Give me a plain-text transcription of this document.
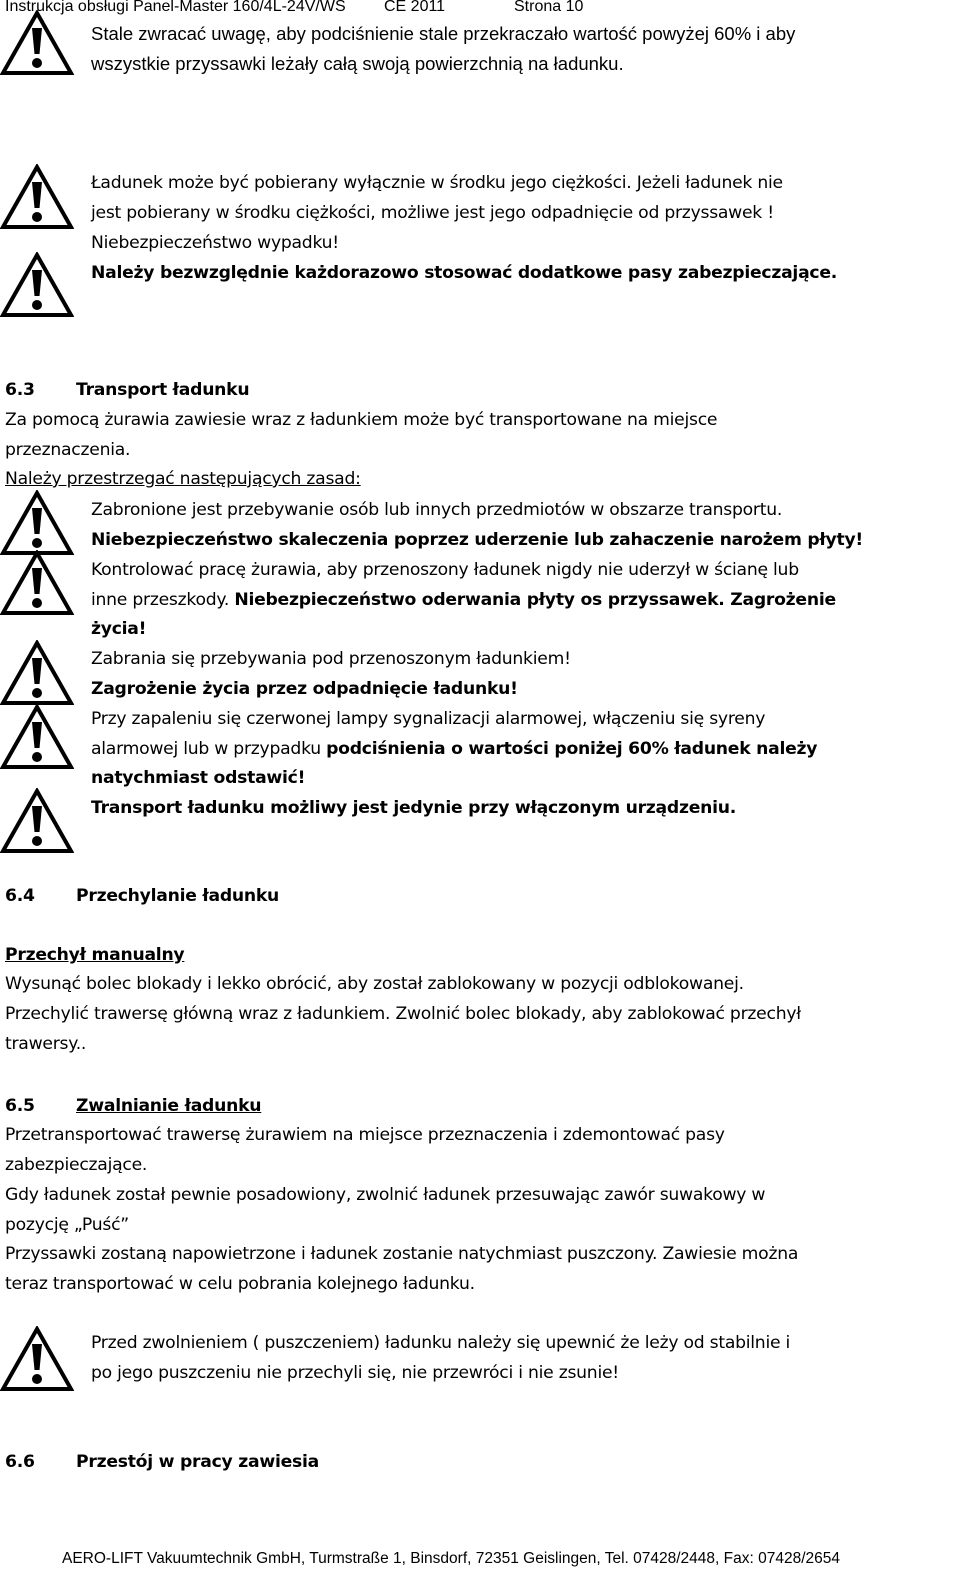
Instrukcja obsługi Panel-Master 160/4L-24V/WS CE 2011	Strona 10
Stale zwracać uwagę, aby podciśnienie stale przekraczało wartość powyżej 60% i aby
wszystkie przyssawki leżały całą swoją powierzchnią na ładunku.
Ładunek może być pobierany wyłącznie w środku jego ciężkości. Jeżeli ładunek nie
jest pobierany w środku ciężkości, możliwe jest jego odpadnięcie od przyssawek !
Niebezpieczeństwo wypadku!
Należy bezwzględnie każdorazowo stosować dodatkowe pasy zabezpieczające.
6.3 Transport ładunku
Za pomocą żurawia zawiesie wraz z ładunkiem może być transportowane na miejsce
przeznaczenia.
Należy przestrzegać następujących zasad:
Zabronione jest przebywanie osób lub innych przedmiotów w obszarze transportu.
Niebezpieczeństwo skaleczenia poprzez uderzenie lub zahaczenie narożem płyty!
Kontrolować pracę żurawia, aby przenoszony ładunek nigdy nie uderzył w ścianę lub
inne przeszkody. Niebezpieczeństwo oderwania płyty os przyssawek. Zagrożenie
życia!
Zabrania się przebywania pod przenoszonym ładunkiem!
Zagrożenie życia przez odpadnięcie ładunku!
Przy zapaleniu się czerwonej lampy sygnalizacji alarmowej, włączeniu się syreny
alarmowej lub w przypadku podciśnienia o wartości poniżej 60% ładunek należy
natychmiast odstawić!
Transport ładunku możliwy jest jedynie przy włączonym urządzeniu.
6.4 Przechylanie ładunku
Przechył manualny
Wysunąć bolec blokady i lekko obrócić, aby został zablokowany w pozycji odblokowanej.
Przechylić trawersę główną wraz z ładunkiem. Zwolnić bolec blokady, aby zablokować przechył
trawersy..
6.5 Zwalnianie ładunku
Przetransportować trawersę żurawiem na miejsce przeznaczenia i zdemontować pasy
zabezpieczające.
Gdy ładunek został pewnie posadowiony, zwolnić ładunek przesuwając zawór suwakowy w
pozycję „Puść”
Przyssawki zostaną napowietrzone i ładunek zostanie natychmiast puszczony. Zawiesie można
teraz transportować w celu pobrania kolejnego ładunku.
Przed zwolnieniem ( puszczeniem) ładunku należy się upewnić że leży od stabilnie i
po jego puszczeniu nie przechyli się, nie przewróci i nie zsunie!
6.6 Przestój w pracy zawiesia
AERO-LIFT Vakuumtechnik GmbH, Turmstraße 1, Binsdorf, 72351 Geislingen, Tel. 07428/2448, Fax: 07428/2654
